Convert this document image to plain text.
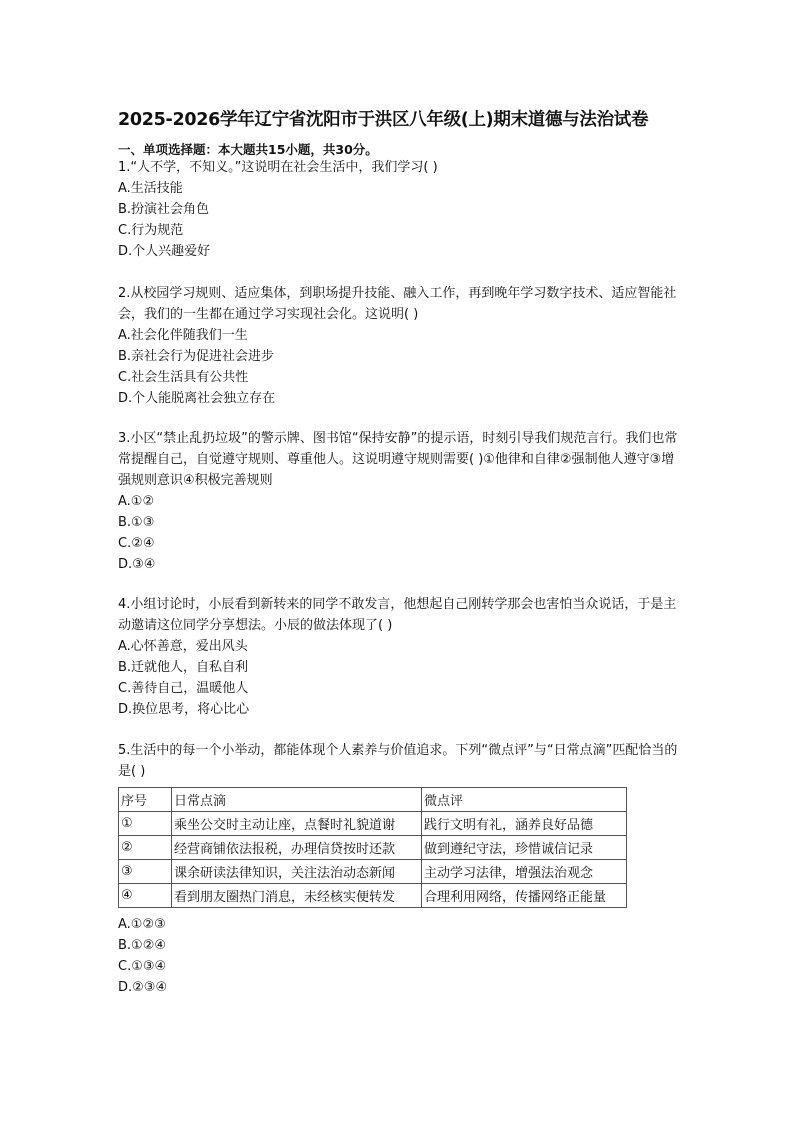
2025-2026学年辽宁省沈阳市于洪区八年级(上)期末道德与法治试卷
一、单项选择题：本大题共15小题，共30分。
1.“人不学，不知义。”这说明在社会生活中，我们学习( )
A.生活技能
B.扮演社会角色
C.行为规范
D.个人兴趣爱好
2.从校园学习规则、适应集体，到职场提升技能、融入工作，再到晚年学习数字技术、适应智能社会，我们的一生都在通过学习实现社会化。这说明( )
A.社会化伴随我们一生
B.亲社会行为促进社会进步
C.社会生活具有公共性
D.个人能脱离社会独立存在
3.小区“禁止乱扔垃圾”的警示牌、图书馆“保持安静”的提示语，时刻引导我们规范言行。我们也常常提醒自己，自觉遵守规则、尊重他人。这说明遵守规则需要( )①他律和自律②强制他人遵守③增强规则意识④积极完善规则
A.①②
B.①③
C.②④
D.③④
4.小组讨论时，小辰看到新转来的同学不敢发言，他想起自己刚转学那会也害怕当众说话，于是主动邀请这位同学分享想法。小辰的做法体现了( )
A.心怀善意，爱出风头
B.迁就他人，自私自利
C.善待自己，温暖他人
D.换位思考，将心比心
5.生活中的每一个小举动，都能体现个人素养与价值追求。下列“微点评”与“日常点滴”匹配恰当的是( )
序号	日常点滴	微点评
①	乘坐公交时主动让座，点餐时礼貌道谢	践行文明有礼，涵养良好品德
②	经营商铺依法报税，办理信贷按时还款	做到遵纪守法，珍惜诚信记录
③	课余研读法律知识，关注法治动态新闻	主动学习法律，增强法治观念
④	看到朋友圈热门消息，未经核实便转发	合理利用网络，传播网络正能量
A.①②③
B.①②④
C.①③④
D.②③④
